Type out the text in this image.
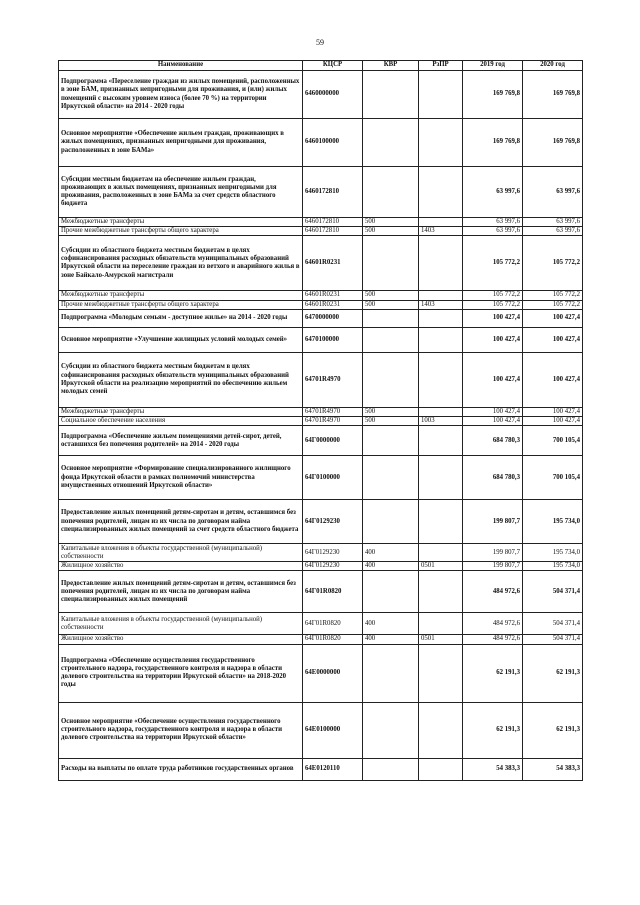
59
Наименование	КЦСР	КВР	РзПР	2019 год	2020 год
Подпрограмма «Переселение граждан из жилых помещений, расположенных в зоне БАМ, признанных непригодными для проживания, и (или) жилых помещений с высоким уровнем износа (более 70 %) на территории Иркутской области» на 2014 - 2020 годы	6460000000			169 769,8	169 769,8
Основное мероприятие «Обеспечение жильем граждан, проживающих в жилых помещениях, признанных непригодными для проживания, расположенных в зоне БАМа»	6460100000			169 769,8	169 769,8
Субсидии местным бюджетам на обеспечение жильем граждан, проживающих в жилых помещениях, признанных непригодными для проживания, расположенных в зоне БАМа за счет средств областного бюджета	6460172810			63 997,6	63 997,6
Межбюджетные трансферты	6460172810	500		63 997,6	63 997,6
Прочие межбюджетные трансферты общего характера	6460172810	500	1403	63 997,6	63 997,6
Субсидии из областного бюджета местным бюджетам в целях софинансирования расходных обязательств муниципальных образований Иркутской области на переселение граждан из ветхого и аварийного жилья в зоне Байкало-Амурской магистрали	64601R0231			105 772,2	105 772,2
Межбюджетные трансферты	64601R0231	500		105 772,2	105 772,2
Прочие межбюджетные трансферты общего характера	64601R0231	500	1403	105 772,2	105 772,2
Подпрограмма «Молодым семьям - доступное жилье» на 2014 - 2020 годы	6470000000			100 427,4	100 427,4
Основное мероприятие «Улучшение жилищных условий молодых семей»	6470100000			100 427,4	100 427,4
Субсидии из областного бюджета местным бюджетам в целях софинансирования расходных обязательств муниципальных образований Иркутской области на реализацию мероприятий по обеспечению жильем молодых семей	64701R4970			100 427,4	100 427,4
Межбюджетные трансферты	64701R4970	500		100 427,4	100 427,4
Социальное обеспечение населения	64701R4970	500	1003	100 427,4	100 427,4
Подпрограмма «Обеспечение жильем помещениями детей-сирот, детей, оставшихся без попечения родителей» на 2014 - 2020 годы	64Г0000000			684 780,3	700 105,4
Основное мероприятие «Формирование специализированного жилищного фонда Иркутской области в рамках полномочий министерства имущественных отношений Иркутской области»	64Г0100000			684 780,3	700 105,4
Предоставление жилых помещений детям-сиротам и детям, оставшимся без попечения родителей, лицам из их числа по договорам найма специализированных жилых помещений за счет средств областного бюджета	64Г0129230			199 807,7	195 734,0
Капитальные вложения в объекты государственной (муниципальной) собственности	64Г0129230	400		199 807,7	195 734,0
Жилищное хозяйство	64Г0129230	400	0501	199 807,7	195 734,0
Предоставление жилых помещений детям-сиротам и детям, оставшимся без попечения родителей, лицам из их числа по договорам найма специализированных жилых помещений	64Г01R0820			484 972,6	504 371,4
Капитальные вложения в объекты государственной (муниципальной) собственности	64Г01R0820	400		484 972,6	504 371,4
Жилищное хозяйство	64Г01R0820	400	0501	484 972,6	504 371,4
Подпрограмма «Обеспечение осуществления государственного строительного надзора, государственного контроля и надзора в области долевого строительства на территории Иркутской области» на 2018-2020 годы	64Е0000000			62 191,3	62 191,3
Основное мероприятие «Обеспечение осуществления государственного строительного надзора, государственного контроля и надзора в области долевого строительства на территории Иркутской области»	64Е0100000			62 191,3	62 191,3
Расходы на выплаты по оплате труда работников государственных органов	64Е0120110			54 383,3	54 383,3
